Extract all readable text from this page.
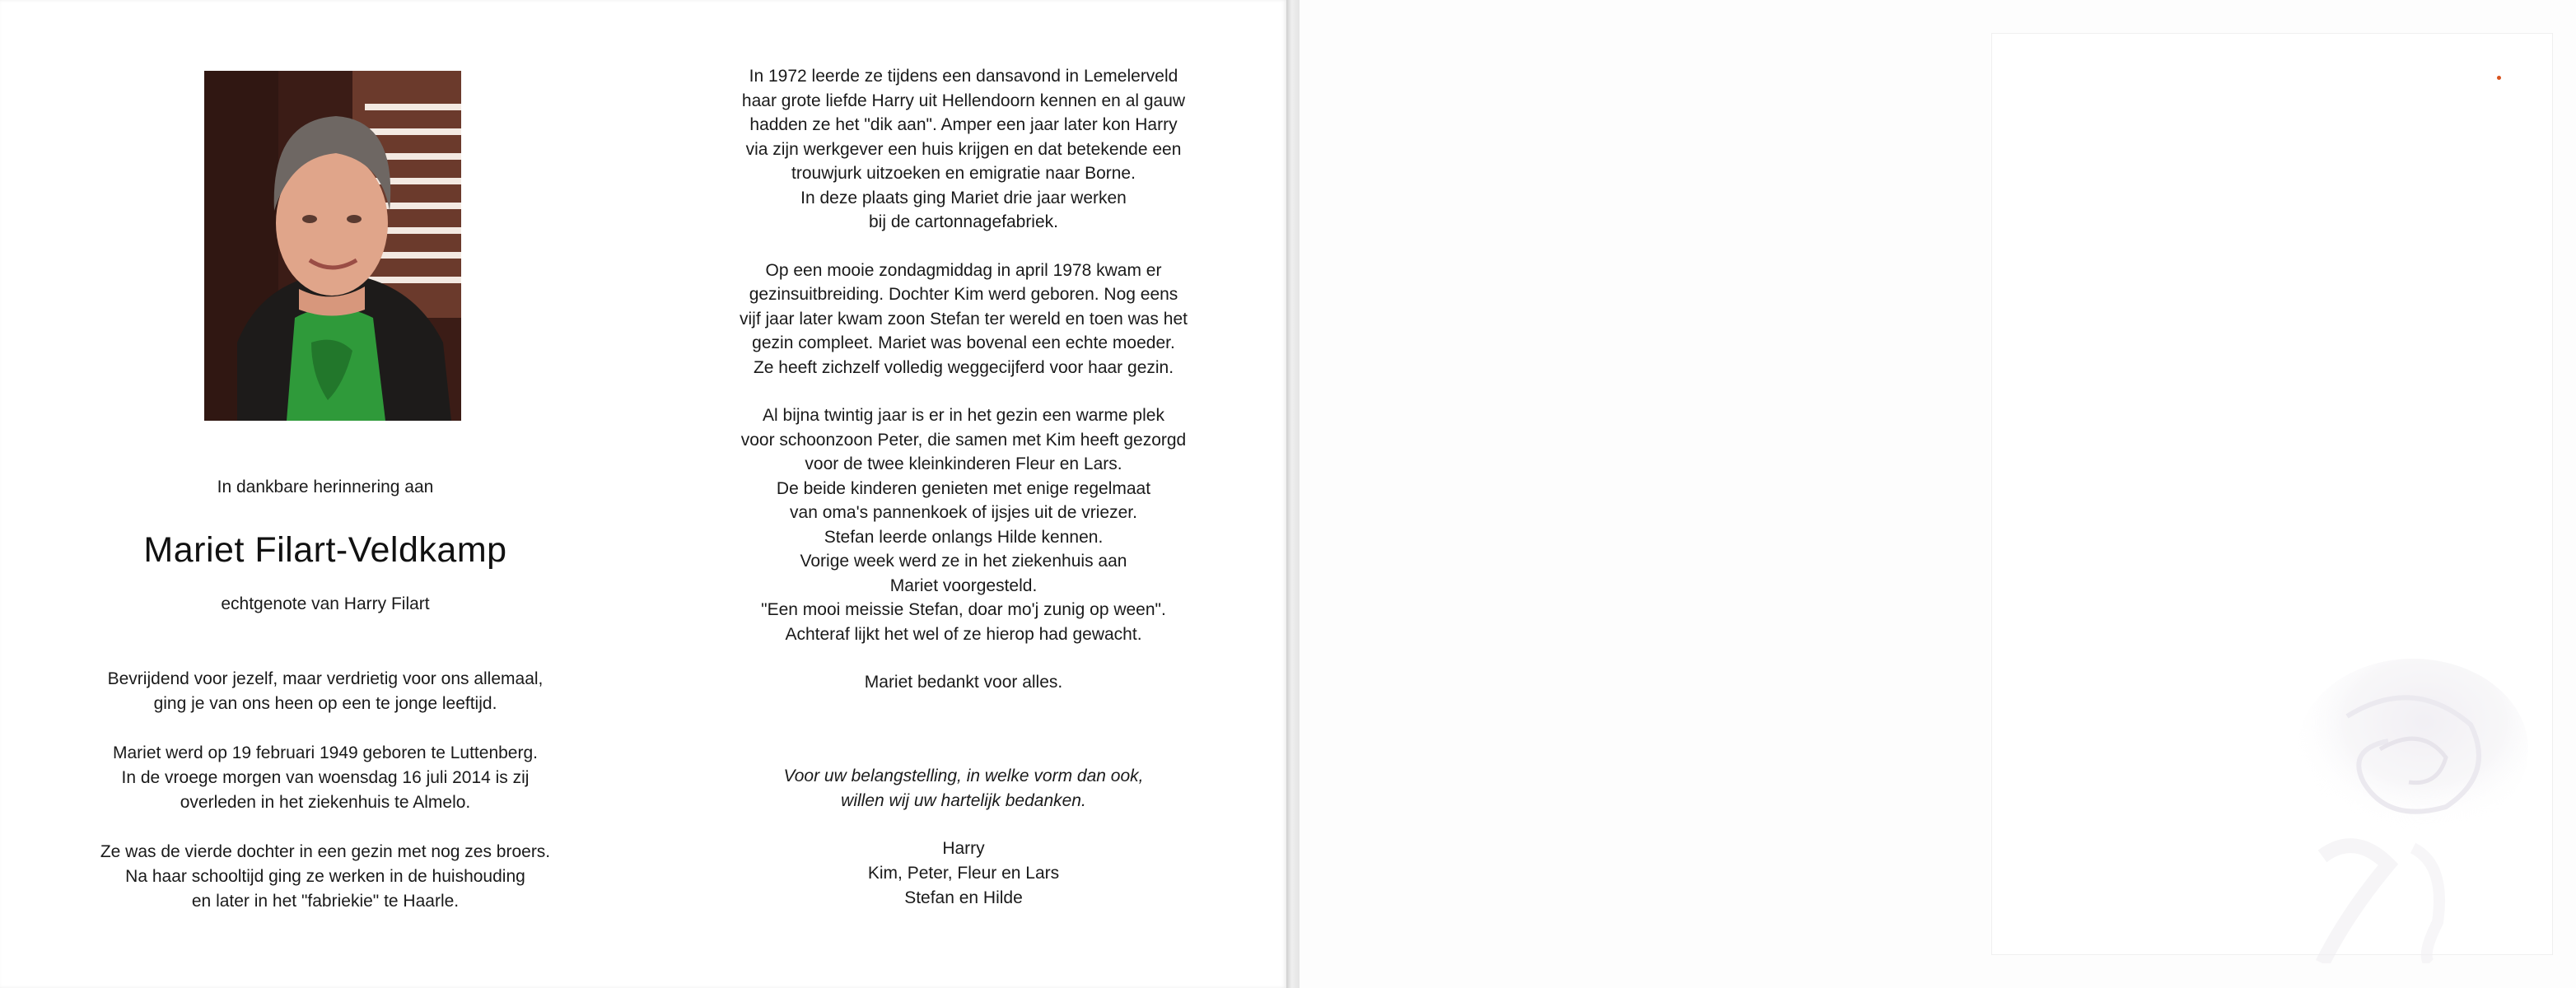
In dankbare herinnering aan
Mariet Filart-Veldkamp
echtgenote van Harry Filart

Bevrijdend voor jezelf, maar verdrietig voor ons allemaal,
ging je van ons heen op een te jonge leeftijd.

Mariet werd op 19 februari 1949 geboren te Luttenberg.
In de vroege morgen van woensdag 16 juli 2014 is zij
overleden in het ziekenhuis te Almelo.

Ze was de vierde dochter in een gezin met nog zes broers.
Na haar schooltijd ging ze werken in de huishouding
en later in het "fabriekie" te Haarle.

In 1972 leerde ze tijdens een dansavond in Lemelerveld
haar grote liefde Harry uit Hellendoorn kennen en al gauw
hadden ze het "dik aan". Amper een jaar later kon Harry
via zijn werkgever een huis krijgen en dat betekende een
trouwjurk uitzoeken en emigratie naar Borne.
In deze plaats ging Mariet drie jaar werken
bij de cartonnagefabriek.

Op een mooie zondagmiddag in april 1978 kwam er
gezinsuitbreiding. Dochter Kim werd geboren. Nog eens
vijf jaar later kwam zoon Stefan ter wereld en toen was het
gezin compleet. Mariet was bovenal een echte moeder.
Ze heeft zichzelf volledig weggecijferd voor haar gezin.

Al bijna twintig jaar is er in het gezin een warme plek
voor schoonzoon Peter, die samen met Kim heeft gezorgd
voor de twee kleinkinderen Fleur en Lars.
De beide kinderen genieten met enige regelmaat
van oma's pannenkoek of ijsjes uit de vriezer.
Stefan leerde onlangs Hilde kennen.
Vorige week werd ze in het ziekenhuis aan
Mariet voorgesteld.
"Een mooi meissie Stefan, doar mo'j zunig op ween".
Achteraf lijkt het wel of ze hierop had gewacht.

Mariet bedankt voor alles.

Voor uw belangstelling, in welke vorm dan ook,
willen wij uw hartelijk bedanken.
Harry
Kim, Peter, Fleur en Lars
Stefan en Hilde
